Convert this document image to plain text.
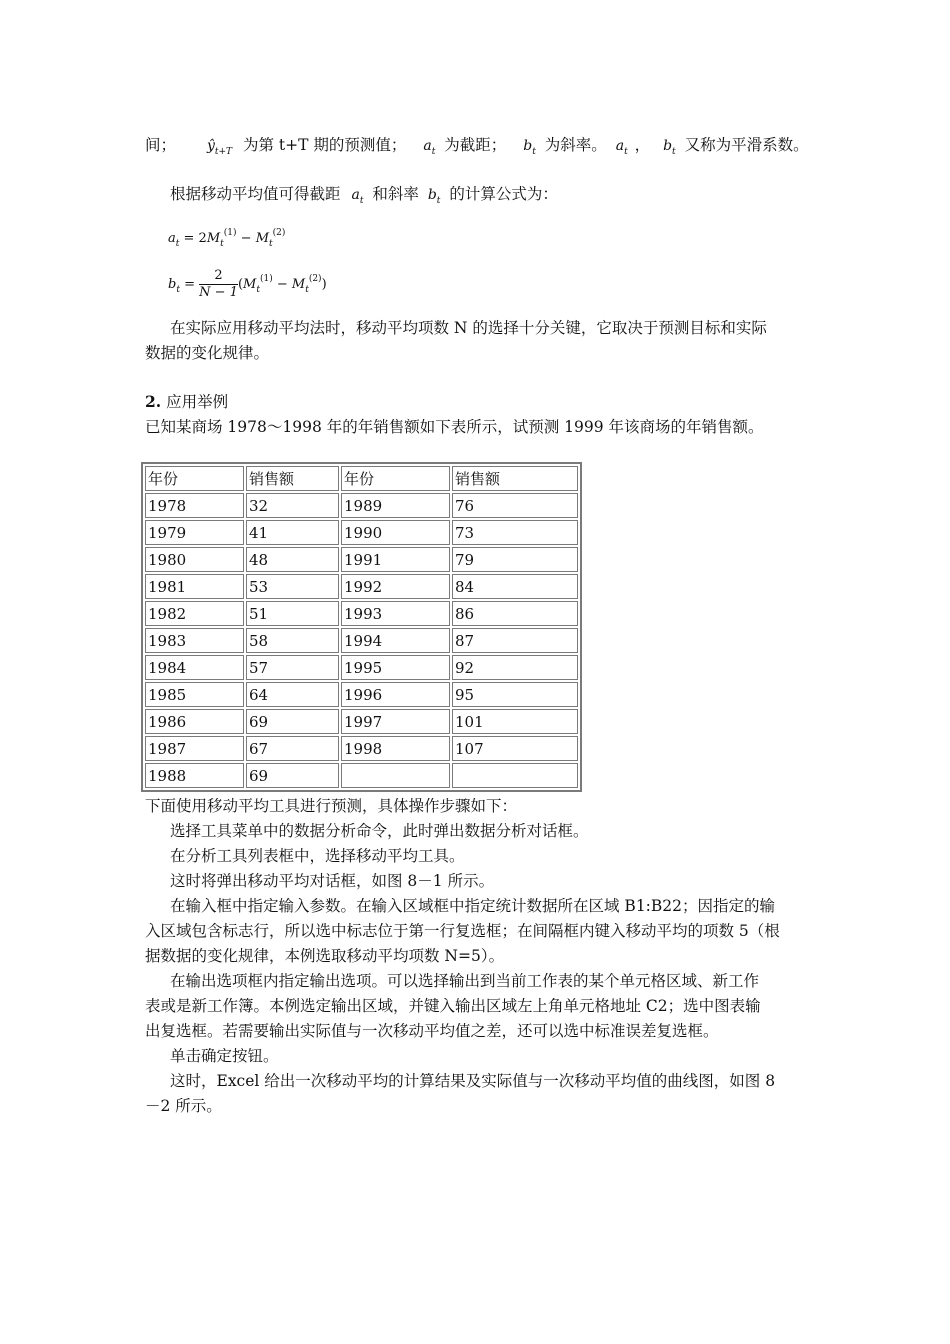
间； $ŷ_{t+T}$ 为第 t+T 期的预测值； $a_t$ 为截距； $b_t$ 为斜率。 $a_t$ ， $b_t$ 又称为平滑系数。
根据移动平均值可得截距 $a_t$ 和斜率 $b_t$ 的计算公式为：
$a_t = 2M_t^{(1)} - M_t^{(2)}$
$b_t = \frac{2}{N - 1} (M_t^{(1)} - M_t^{(2)})$
在实际应用移动平均法时，移动平均项数 N 的选择十分关键，它取决于预测目标和实际
数据的变化规律。
2. 应用举例
已知某商场 1978～1998 年的年销售额如下表所示，试预测 1999 年该商场的年销售额。
年份	销售额	年份	销售额
1978	32	1989	76
1979	41	1990	73
1980	48	1991	79
1981	53	1992	84
1982	51	1993	86
1983	58	1994	87
1984	57	1995	92
1985	64	1996	95
1986	69	1997	101
1987	67	1998	107
1988	69		
下面使用移动平均工具进行预测，具体操作步骤如下：
选择工具菜单中的数据分析命令，此时弹出数据分析对话框。
在分析工具列表框中，选择移动平均工具。
这时将弹出移动平均对话框，如图 8－1 所示。
在输入框中指定输入参数。在输入区域框中指定统计数据所在区域 B1:B22；因指定的输
入区域包含标志行，所以选中标志位于第一行复选框；在间隔框内键入移动平均的项数 5（根
据数据的变化规律，本例选取移动平均项数 N=5）。
在输出选项框内指定输出选项。可以选择输出到当前工作表的某个单元格区域、新工作
表或是新工作簿。本例选定输出区域，并键入输出区域左上角单元格地址 C2；选中图表输
出复选框。若需要输出实际值与一次移动平均值之差，还可以选中标准误差复选框。
单击确定按钮。
这时，Excel 给出一次移动平均的计算结果及实际值与一次移动平均值的曲线图，如图 8
－2 所示。
